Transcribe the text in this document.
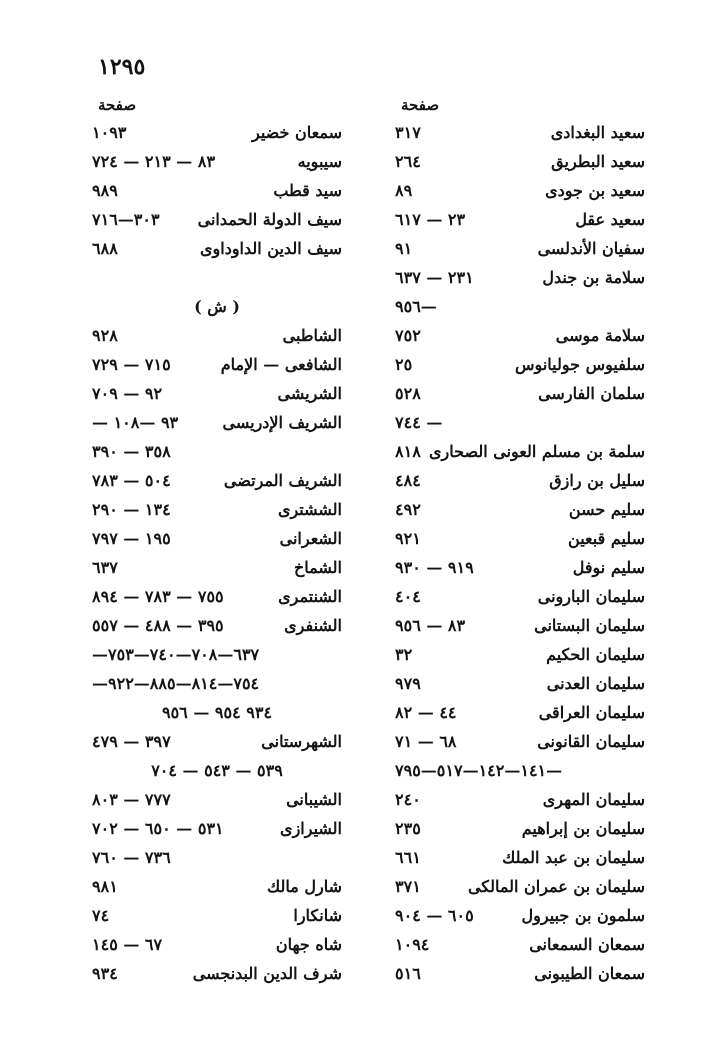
١٢٩٥
صفحة
سعيد البغدادى
٣١٧
سعيد البطريق
٢٦٤
سعيد بن جودى
٨٩
سعيد عقل
٢٣ — ٦١٧
سفيان الأندلسى
٩١
سلامة بن جندل
٢٣١ — ٦٣٧
—٩٥٦
سلامة موسى
٧٥٢
سلفيوس جوليانوس
٢٥
سلمان الفارسى
٥٢٨
— ٧٤٤
سلمة بن مسلم العونى الصحارى
٨١٨
سليل بن رازق
٤٨٤
سليم حسن
٤٩٢
سليم قبعين
٩٢١
سليم نوفل
٩١٩ — ٩٣٠
سليمان البارونى
٤٠٤
سليمان البستانى
٨٣ — ٩٥٦
سليمان الحكيم
٣٢
سليمان العدنى
٩٧٩
سليمان العراقى
٤٤ — ٨٢
سليمان القانونى
٦٨ — ٧١
—١٤١—١٤٢—٥١٧—٧٩٥
سليمان المهرى
٢٤٠
سليمان بن إبراهيم
٢٣٥
سليمان بن عبد الملك
٦٦١
سليمان بن عمران المالكى
٣٧١
سلمون بن جبيرول
٦٠٥ — ٩٠٤
سمعان السمعانى
١٠٩٤
سمعان الطيبونى
٥١٦
صفحة
سمعان خضير
١٠٩٣
سيبويه
٨٣ — ٢١٣ — ٧٢٤
سيد قطب
٩٨٩
سيف الدولة الحمدانى
٣٠٣—٧١٦
سيف الدين الداوداوى
٦٨٨
( ش )
الشاطبى
٩٢٨
الشافعى — الإمام
٧١٥ — ٧٢٩
الشريشى
٩٢ — ٧٠٩
الشريف الإدريسى
٩٣ —١٠٨ —
٣٥٨ — ٣٩٠
الشريف المرتضى
٥٠٤ — ٧٨٣
الششترى
١٣٤ — ٢٩٠
الشعرانى
١٩٥ — ٧٩٧
الشماخ
٦٣٧
الشنتمرى
٧٥٥ — ٧٨٣ — ٨٩٤
الشنفرى
٣٩٥ — ٤٨٨ — ٥٥٧
٦٣٧—٧٠٨—٧٤٠—٧٥٣—
٧٥٤—٨١٤—٨٨٥—٩٢٢—
٩٣٤ ٩٥٤ — ٩٥٦
الشهرستانى
٣٩٧ — ٤٧٩
٥٣٩ — ٥٤٣ — ٧٠٤
الشيبانى
٧٧٧ — ٨٠٣
الشيرازى
٥٣١ — ٦٥٠ — ٧٠٢
٧٣٦ — ٧٦٠
شارل مالك
٩٨١
شانكارا
٧٤
شاه جهان
٦٧ — ١٤٥
شرف الدين البدنجسى
٩٣٤
